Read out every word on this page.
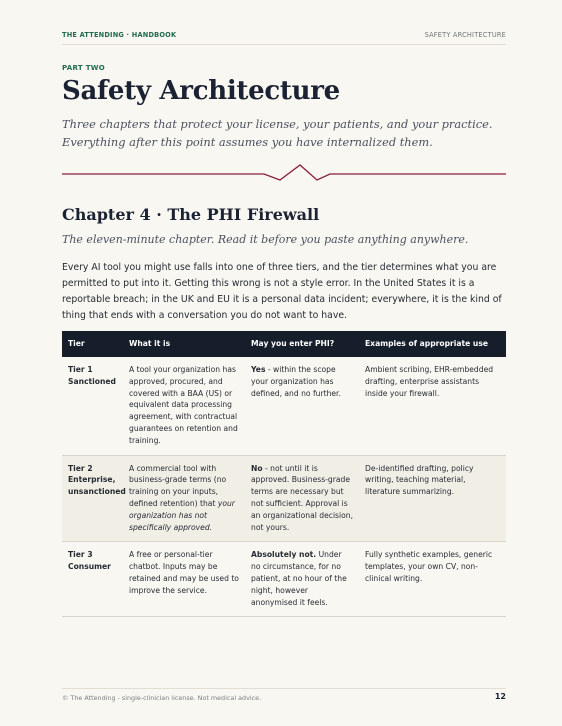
THE ATTENDING · HANDBOOK	SAFETY ARCHITECTURE
PART TWO
Safety Architecture
Three chapters that protect your license, your patients, and your practice. Everything after this point assumes you have internalized them.
Chapter 4 · The PHI Firewall
The eleven-minute chapter. Read it before you paste anything anywhere.
Every AI tool you might use falls into one of three tiers, and the tier determines what you are permitted to put into it. Getting this wrong is not a style error. In the United States it is a reportable breach; in the UK and EU it is a personal data incident; everywhere, it is the kind of thing that ends with a conversation you do not want to have.
Tier	What it is	May you enter PHI?	Examples of appropriate use
Tier 1 Sanctioned	A tool your organization has approved, procured, and covered with a BAA (US) or equivalent data processing agreement, with contractual guarantees on retention and training.	Yes - within the scope your organization has defined, and no further.	Ambient scribing, EHR-embedded drafting, enterprise assistants inside your firewall.
Tier 2 Enterprise, unsanctioned	A commercial tool with business-grade terms (no training on your inputs, defined retention) that your organization has not specifically approved.	No - not until it is approved. Business-grade terms are necessary but not sufficient. Approval is an organizational decision, not yours.	De-identified drafting, policy writing, teaching material, literature summarizing.
Tier 3 Consumer	A free or personal-tier chatbot. Inputs may be retained and may be used to improve the service.	Absolutely not. Under no circumstance, for no patient, at no hour of the night, however anonymised it feels.	Fully synthetic examples, generic templates, your own CV, non-clinical writing.
© The Attending - single-clinician license. Not medical advice.	12
